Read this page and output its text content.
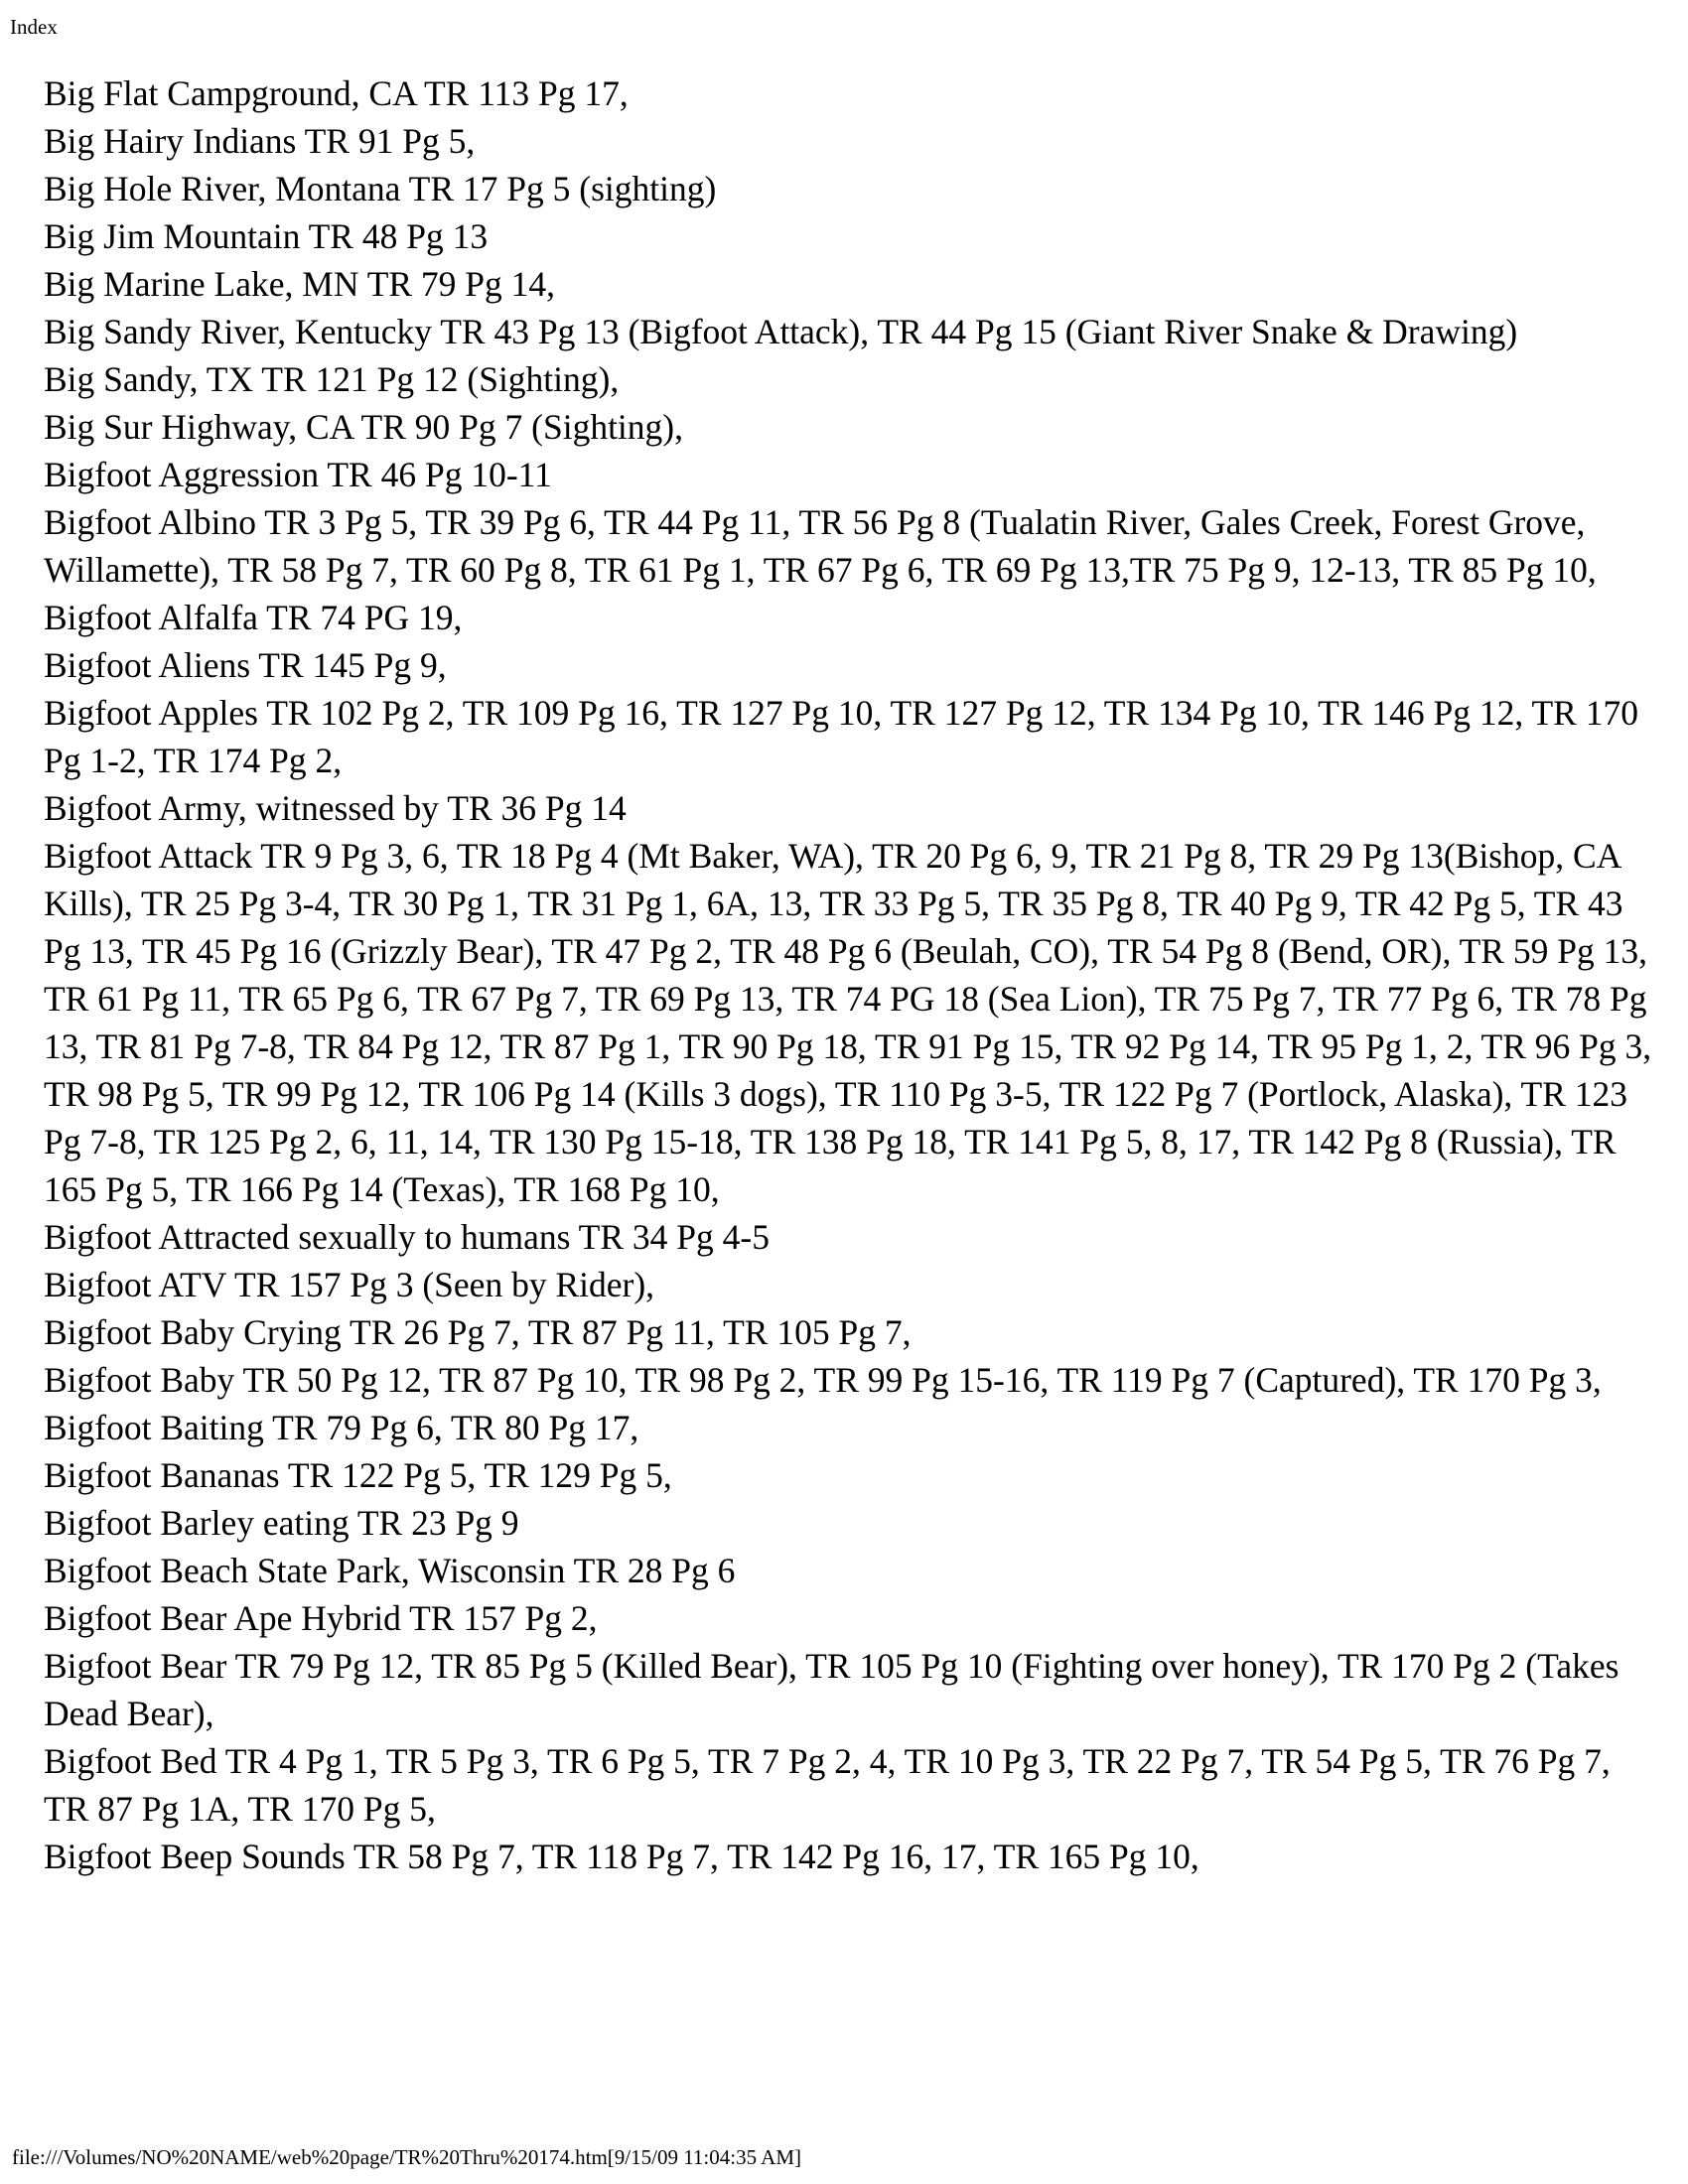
Index
Big Flat Campground, CA TR 113 Pg 17,
Big Hairy Indians TR 91 Pg 5,
Big Hole River, Montana TR 17 Pg 5 (sighting)
Big Jim Mountain TR 48 Pg 13
Big Marine Lake, MN TR 79 Pg 14,
Big Sandy River, Kentucky TR 43 Pg 13 (Bigfoot Attack), TR 44 Pg 15 (Giant River Snake & Drawing)
Big Sandy, TX TR 121 Pg 12 (Sighting),
Big Sur Highway, CA TR 90 Pg 7 (Sighting),
Bigfoot Aggression TR 46 Pg 10-11
Bigfoot Albino TR 3 Pg 5, TR 39 Pg 6, TR 44 Pg 11, TR 56 Pg 8 (Tualatin River, Gales Creek, Forest Grove, Willamette), TR 58 Pg 7, TR 60 Pg 8, TR 61 Pg 1, TR 67 Pg 6, TR 69 Pg 13,TR 75 Pg 9, 12-13, TR 85 Pg 10,
Bigfoot Alfalfa TR 74 PG 19,
Bigfoot Aliens TR 145 Pg 9,
Bigfoot Apples TR 102 Pg 2, TR 109 Pg 16, TR 127 Pg 10, TR 127 Pg 12, TR 134 Pg 10, TR 146 Pg 12, TR 170 Pg 1-2, TR 174 Pg 2,
Bigfoot Army, witnessed by TR 36 Pg 14
Bigfoot Attack TR 9 Pg 3, 6, TR 18 Pg 4 (Mt Baker, WA), TR 20 Pg 6, 9, TR 21 Pg 8, TR 29 Pg 13(Bishop, CA Kills), TR 25 Pg 3-4, TR 30 Pg 1, TR 31 Pg 1, 6A, 13, TR 33 Pg 5, TR 35 Pg 8, TR 40 Pg 9, TR 42 Pg 5, TR 43 Pg 13, TR 45 Pg 16 (Grizzly Bear), TR 47 Pg 2, TR 48 Pg 6 (Beulah, CO), TR 54 Pg 8 (Bend, OR), TR 59 Pg 13, TR 61 Pg 11, TR 65 Pg 6, TR 67 Pg 7, TR 69 Pg 13, TR 74 PG 18 (Sea Lion), TR 75 Pg 7, TR 77 Pg 6, TR 78 Pg 13, TR 81 Pg 7-8, TR 84 Pg 12, TR 87 Pg 1, TR 90 Pg 18, TR 91 Pg 15, TR 92 Pg 14, TR 95 Pg 1, 2, TR 96 Pg 3, TR 98 Pg 5, TR 99 Pg 12, TR 106 Pg 14 (Kills 3 dogs), TR 110 Pg 3-5, TR 122 Pg 7 (Portlock, Alaska), TR 123 Pg 7-8, TR 125 Pg 2, 6, 11, 14, TR 130 Pg 15-18, TR 138 Pg 18, TR 141 Pg 5, 8, 17, TR 142 Pg 8 (Russia), TR 165 Pg 5, TR 166 Pg 14 (Texas), TR 168 Pg 10,
Bigfoot Attracted sexually to humans TR 34 Pg 4-5
Bigfoot ATV TR 157 Pg 3 (Seen by Rider),
Bigfoot Baby Crying TR 26 Pg 7, TR 87 Pg 11, TR 105 Pg 7,
Bigfoot Baby TR 50 Pg 12, TR 87 Pg 10, TR 98 Pg 2, TR 99 Pg 15-16, TR 119 Pg 7 (Captured), TR 170 Pg 3,
Bigfoot Baiting TR 79 Pg 6, TR 80 Pg 17,
Bigfoot Bananas TR 122 Pg 5, TR 129 Pg 5,
Bigfoot Barley eating TR 23 Pg 9
Bigfoot Beach State Park, Wisconsin TR 28 Pg 6
Bigfoot Bear Ape Hybrid TR 157 Pg 2,
Bigfoot Bear TR 79 Pg 12, TR 85 Pg 5 (Killed Bear), TR 105 Pg 10 (Fighting over honey), TR 170 Pg 2 (Takes Dead Bear),
Bigfoot Bed TR 4 Pg 1, TR 5 Pg 3, TR 6 Pg 5, TR 7 Pg 2, 4, TR 10 Pg 3, TR 22 Pg 7, TR 54 Pg 5, TR 76 Pg 7, TR 87 Pg 1A, TR 170 Pg 5,
Bigfoot Beep Sounds TR 58 Pg 7, TR 118 Pg 7, TR 142 Pg 16, 17, TR 165 Pg 10,
file:///Volumes/NO%20NAME/web%20page/TR%20Thru%20174.htm[9/15/09 11:04:35 AM]
